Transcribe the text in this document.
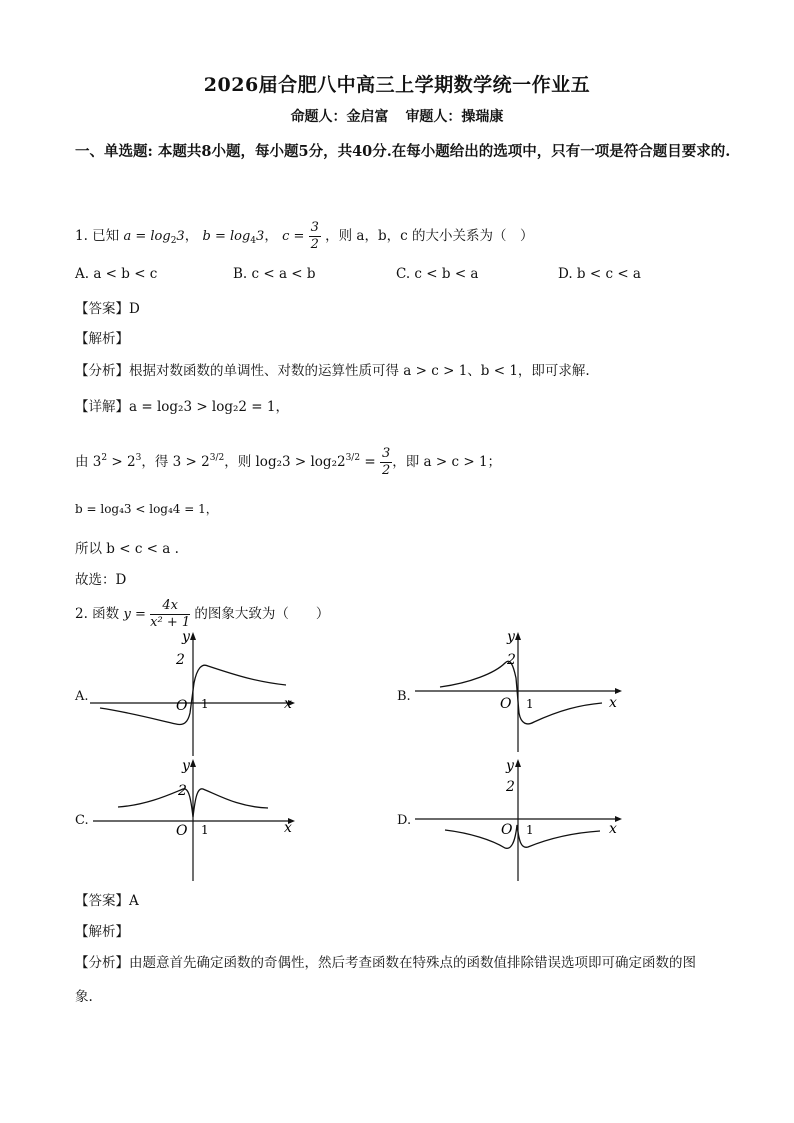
2026届合肥八中高三上学期数学统一作业五
命题人：金启富 审题人：操瑞康
一、单选题: 本题共8小题，每小题5分，共40分.在每小题给出的选项中，只有一项是符合题目要求的.
1. 已知 $a = \log_23$， $b = \log_43$， $c = \frac{3}{2}$ ，则 a，b，c 的大小关系为（　）
A. a < b < c	B. c < a < b	C. c < b < a	D. b < c < a
【答案】D
【解析】
【分析】根据对数函数的单调性、对数的运算性质可得 a > c > 1、b < 1，即可求解.
【详解】a = log₂3 > log₂2 = 1，
由 $3^2 > 2^3$，得 $3 > 2^{3/2}$，则 $\log_23 > \log_22^{3/2} = \frac{3}{2}$ ，即 a > c > 1；
b = log₄3 < log₄4 = 1，
所以 b < c < a .
故选：D
2. 函数 $y = \frac{4x}{\text{x² + 1}}$ 的图象大致为（　　）
A.	1
2
O	x
y
B.	1
2
O	x
y
C.
1
2
O	x
y
D.
1
2
O	x
y
【答案】A
【解析】
【分析】由题意首先确定函数的奇偶性，然后考查函数在特殊点的函数值排除错误选项即可确定函数的图
象.
